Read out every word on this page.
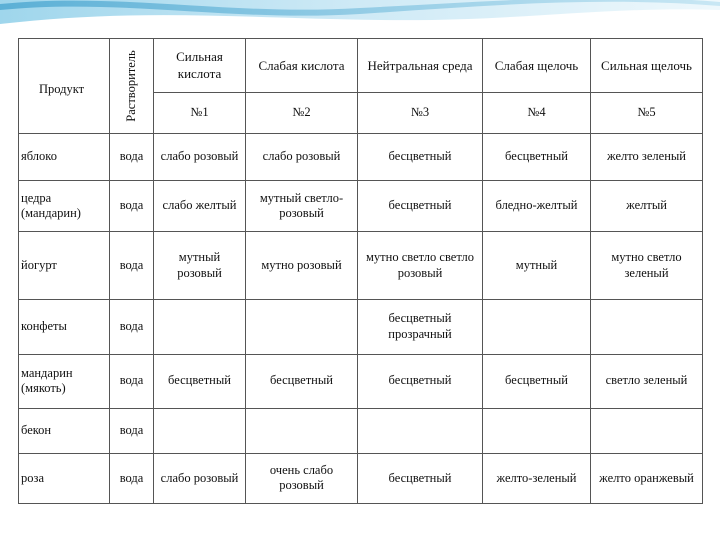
Продукт	Растворитель	Сильная кислота	Слабая кислота	Нейтральная среда	Слабая щелочь	Сильная щелочь
		№1	№2	№3	№4	№5
яблоко	вода	слабо розовый	слабо розовый	бесцветный	бесцветный	желто зеленый
цедра (мандарин)	вода	слабо желтый	мутный светло-розовый	бесцветный	бледно-желтый	желтый
йогурт	вода	мутный розовый	мутно розовый	мутно светло светло розовый	мутный	мутно светло зеленый
конфеты	вода			бесцветный прозрачный		
мандарин (мякоть)	вода	бесцветный	бесцветный	бесцветный	бесцветный	светло зеленый
бекон	вода					
роза	вода	слабо розовый	очень слабо розовый	бесцветный	желто-зеленый	желто оранжевый
